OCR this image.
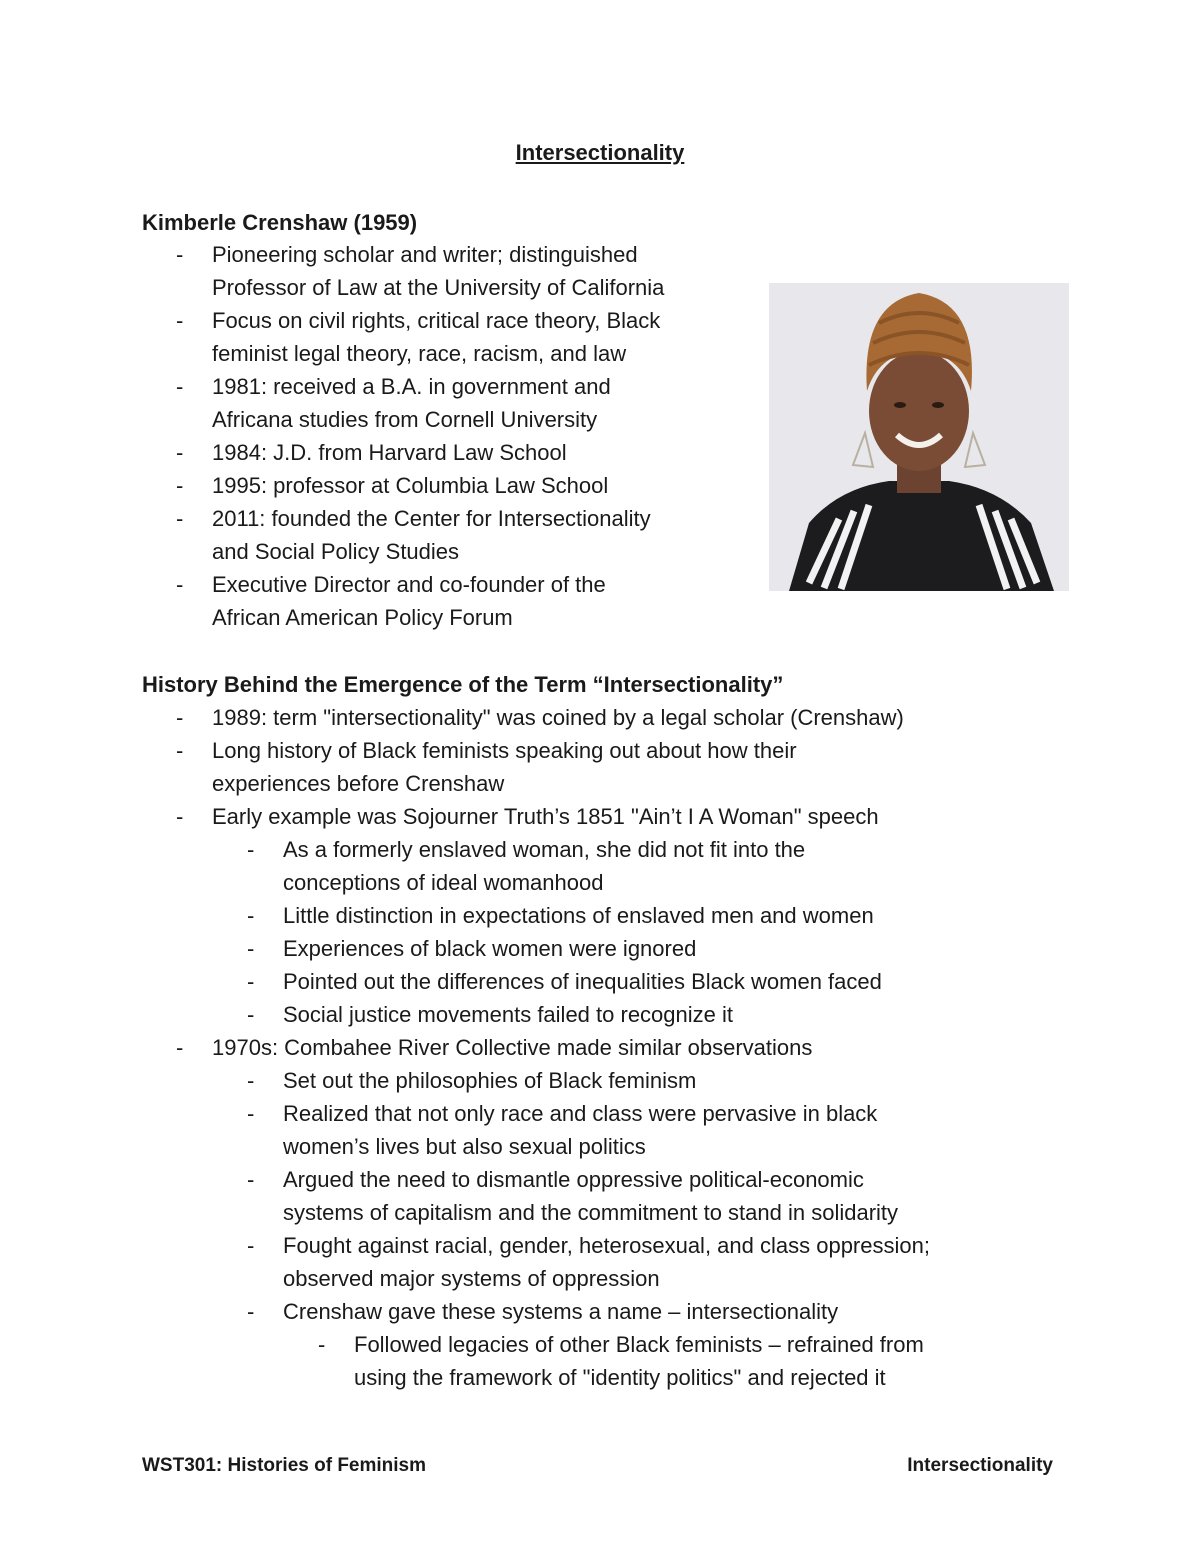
Intersectionality
Kimberle Crenshaw (1959)
- Pioneering scholar and writer; distinguished
Professor of Law at the University of California
- Focus on civil rights, critical race theory, Black
feminist legal theory, race, racism, and law
- 1981: received a B.A. in government and
Africana studies from Cornell University
- 1984: J.D. from Harvard Law School
- 1995: professor at Columbia Law School
- 2011: founded the Center for Intersectionality
and Social Policy Studies
- Executive Director and co-founder of the
African American Policy Forum
History Behind the Emergence of the Term “Intersectionality”
- 1989: term "intersectionality" was coined by a legal scholar (Crenshaw)
- Long history of Black feminists speaking out about how their
experiences before Crenshaw
- Early example was Sojourner Truth’s 1851 "Ain’t I A Woman" speech
- As a formerly enslaved woman, she did not fit into the
conceptions of ideal womanhood
- Little distinction in expectations of enslaved men and women
- Experiences of black women were ignored
- Pointed out the differences of inequalities Black women faced
- Social justice movements failed to recognize it
- 1970s: Combahee River Collective made similar observations
- Set out the philosophies of Black feminism
- Realized that not only race and class were pervasive in black
women’s lives but also sexual politics
- Argued the need to dismantle oppressive political-economic
systems of capitalism and the commitment to stand in solidarity
- Fought against racial, gender, heterosexual, and class oppression;
observed major systems of oppression
- Crenshaw gave these systems a name – intersectionality
- Followed legacies of other Black feminists – refrained from
using the framework of "identity politics" and rejected it
WST301: Histories of Feminism	Intersectionality
